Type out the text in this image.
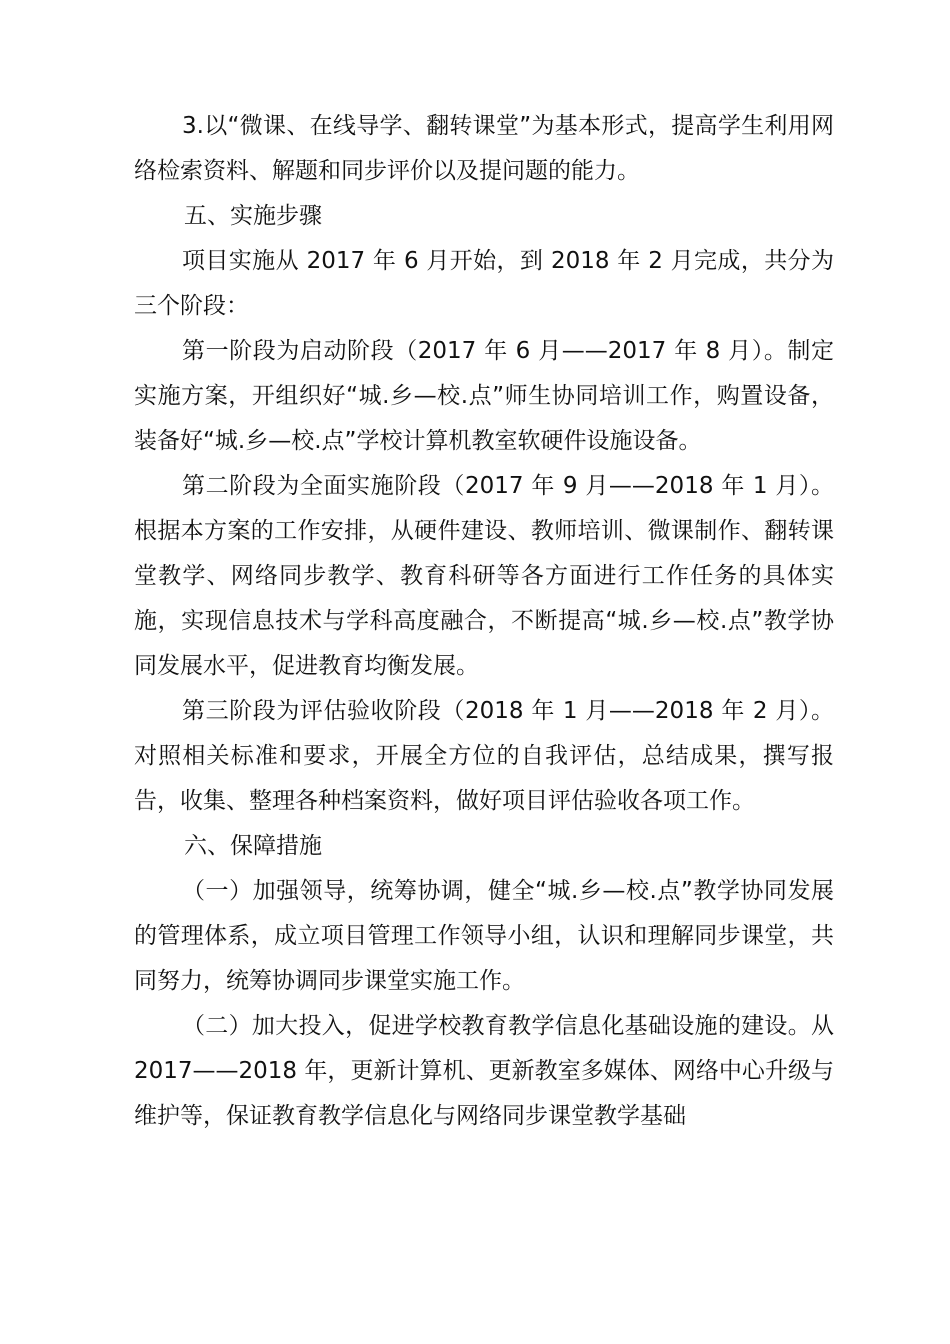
3.以“微课、在线导学、翻转课堂”为基本形式，提高学生利用网络检索资料、解题和同步评价以及提问题的能力。

五、实施步骤

项目实施从 2017 年 6 月开始，到 2018 年 2 月完成，共分为三个阶段：

第一阶段为启动阶段（2017 年 6 月——2017 年 8 月）。制定实施方案，开组织好“城.乡—校.点”师生协同培训工作，购置设备，装备好“城.乡—校.点”学校计算机教室软硬件设施设备。

第二阶段为全面实施阶段（2017 年 9 月——2018 年 1 月）。根据本方案的工作安排，从硬件建设、教师培训、微课制作、翻转课堂教学、网络同步教学、教育科研等各方面进行工作任务的具体实施，实现信息技术与学科高度融合，不断提高“城.乡—校.点”教学协同发展水平，促进教育均衡发展。

第三阶段为评估验收阶段（2018 年 1 月——2018 年 2 月）。对照相关标准和要求，开展全方位的自我评估，总结成果，撰写报告，收集、整理各种档案资料，做好项目评估验收各项工作。

六、保障措施

（一）加强领导，统筹协调，健全“城.乡—校.点”教学协同发展的管理体系，成立项目管理工作领导小组，认识和理解同步课堂，共同努力，统筹协调同步课堂实施工作。

（二）加大投入，促进学校教育教学信息化基础设施的建设。从 2017——2018 年，更新计算机、更新教室多媒体、网络中心升级与维护等，保证教育教学信息化与网络同步课堂教学基础
